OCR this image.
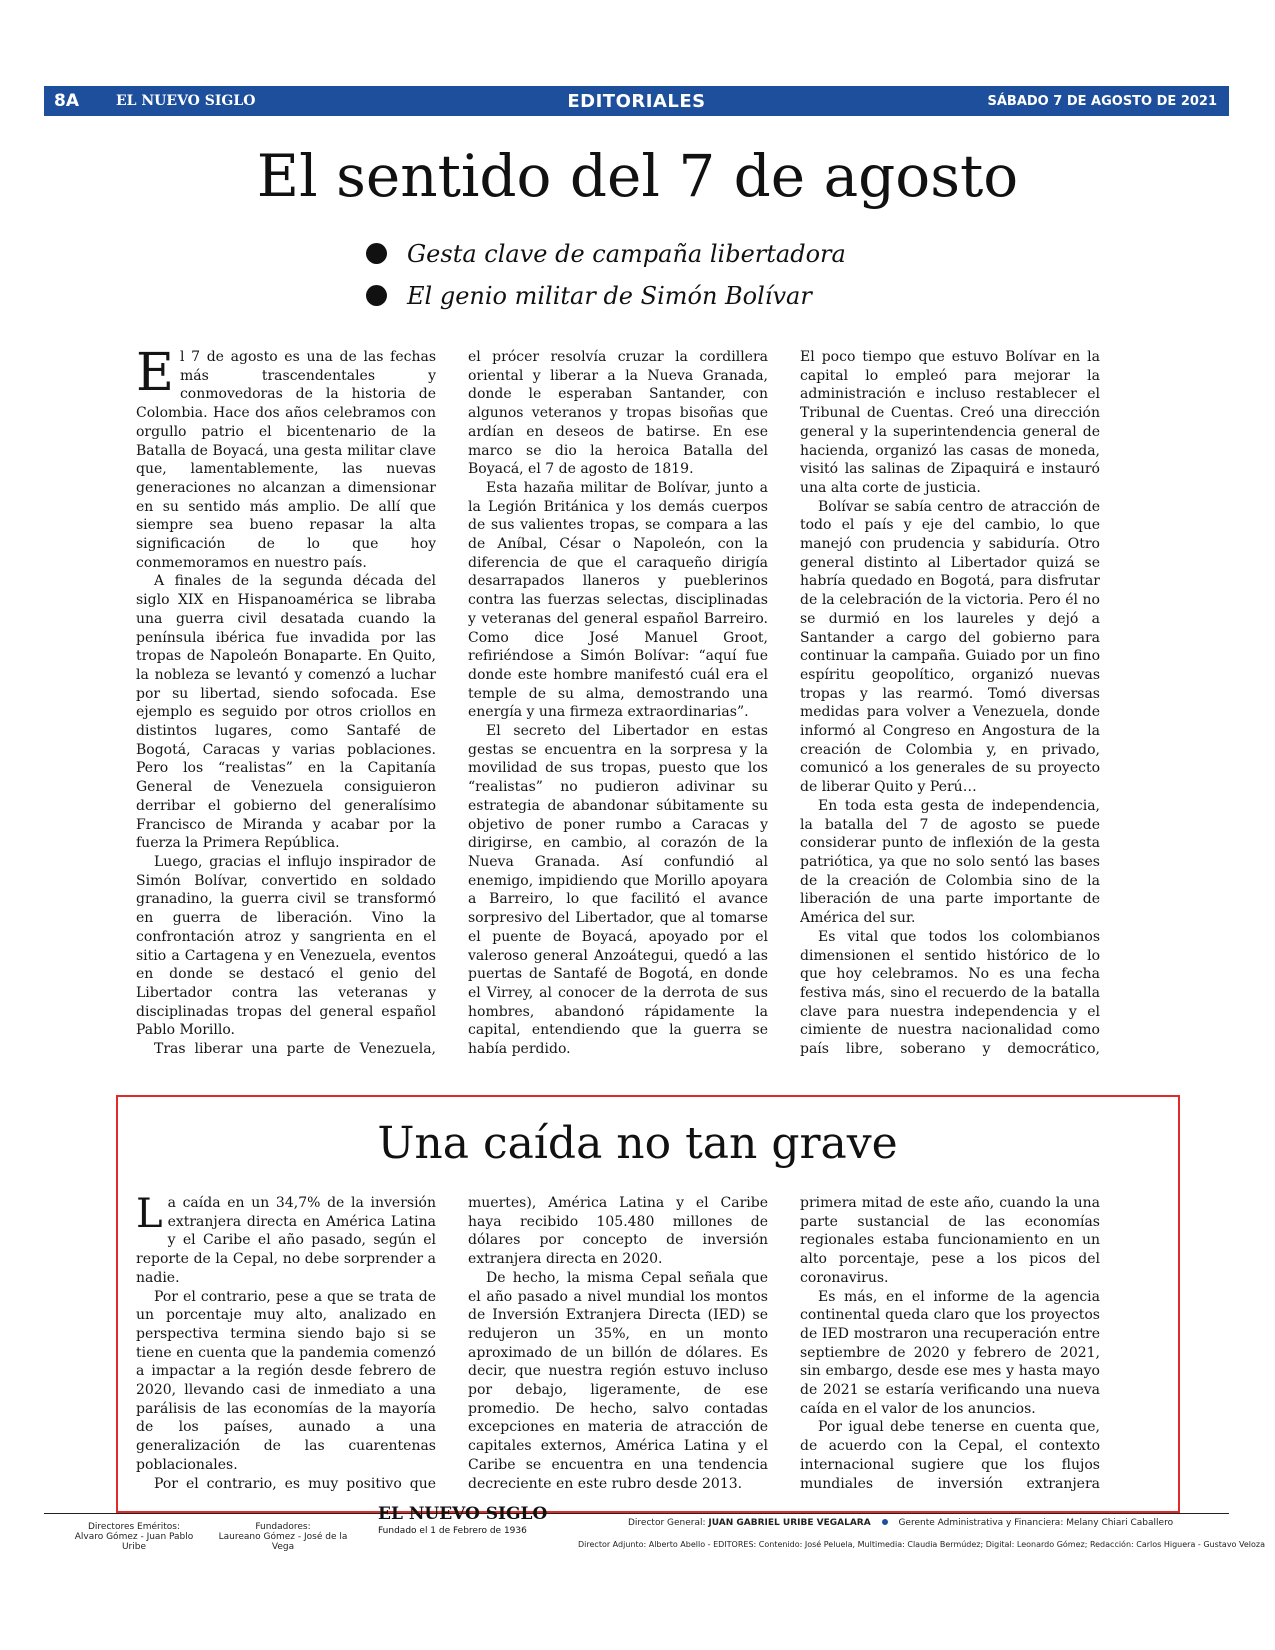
8A	EL NUEVO SIGLO	EDITORIALES	SÁBADO 7 DE AGOSTO DE 2021
El sentido del 7 de agosto
Gesta clave de campaña libertadora
El genio militar de Simón Bolívar

El 7 de agosto es una de las fechas más trascendentales y conmovedoras de la historia de Colombia. Hace dos años celebramos con orgullo patrio el bicentenario de la Batalla de Boyacá, una gesta militar clave que, lamentablemente, las nuevas generaciones no alcanzan a dimensionar en su sentido más amplio. De allí que siempre sea bueno repasar la alta significación de lo que hoy conmemoramos en nuestro país.

A finales de la segunda década del siglo XIX en Hispanoamérica se libraba una guerra civil desatada cuando la península ibérica fue invadida por las tropas de Napoleón Bonaparte. En Quito, la nobleza se levantó y comenzó a luchar por su libertad, siendo sofocada. Ese ejemplo es seguido por otros criollos en distintos lugares, como Santafé de Bogotá, Caracas y varias poblaciones. Pero los “realistas” en la Capitanía General de Venezuela consiguieron derribar el gobierno del generalísimo Francisco de Miranda y acabar por la fuerza la Primera República.

Luego, gracias el influjo inspirador de Simón Bolívar, convertido en soldado granadino, la guerra civil se transformó en guerra de liberación. Vino la confrontación atroz y sangrienta en el sitio a Cartagena y en Venezuela, eventos en donde se destacó el genio del Libertador contra las veteranas y disciplinadas tropas del general español Pablo Morillo.

Tras liberar una parte de Venezuela,

el prócer resolvía cruzar la cordillera oriental y liberar a la Nueva Granada, donde le esperaban Santander, con algunos veteranos y tropas bisoñas que ardían en deseos de batirse. En ese marco se dio la heroica Batalla del Boyacá, el 7 de agosto de 1819.

Esta hazaña militar de Bolívar, junto a la Legión Británica y los demás cuerpos de sus valientes tropas, se compara a las de Aníbal, César o Napoleón, con la diferencia de que el caraqueño dirigía desarrapados llaneros y pueblerinos contra las fuerzas selectas, disciplinadas y veteranas del general español Barreiro. Como dice José Manuel Groot, refiriéndose a Simón Bolívar: “aquí fue donde este hombre manifestó cuál era el temple de su alma, demostrando una energía y una firmeza extraordinarias”.

El secreto del Libertador en estas gestas se encuentra en la sorpresa y la movilidad de sus tropas, puesto que los “realistas” no pudieron adivinar su estrategia de abandonar súbitamente su objetivo de poner rumbo a Caracas y dirigirse, en cambio, al corazón de la Nueva Granada. Así confundió al enemigo, impidiendo que Morillo apoyara a Barreiro, lo que facilitó el avance sorpresivo del Libertador, que al tomarse el puente de Boyacá, apoyado por el valeroso general Anzoátegui, quedó a las puertas de Santafé de Bogotá, en donde el Virrey, al conocer de la derrota de sus hombres, abandonó rápidamente la capital, entendiendo que la guerra se había perdido.

El poco tiempo que estuvo Bolívar en la capital lo empleó para mejorar la administración e incluso restablecer el Tribunal de Cuentas. Creó una dirección general y la superintendencia general de hacienda, organizó las casas de moneda, visitó las salinas de Zipaquirá e instauró una alta corte de justicia.

Bolívar se sabía centro de atracción de todo el país y eje del cambio, lo que manejó con prudencia y sabiduría. Otro general distinto al Libertador quizá se habría quedado en Bogotá, para disfrutar de la celebración de la victoria. Pero él no se durmió en los laureles y dejó a Santander a cargo del gobierno para continuar la campaña. Guiado por un fino espíritu geopolítico, organizó nuevas tropas y las rearmó. Tomó diversas medidas para volver a Venezuela, donde informó al Congreso en Angostura de la creación de Colombia y, en privado, comunicó a los generales de su proyecto de liberar Quito y Perú…

En toda esta gesta de independencia, la batalla del 7 de agosto se puede considerar punto de inflexión de la gesta patriótica, ya que no solo sentó las bases de la creación de Colombia sino de la liberación de una parte importante de América del sur.

Es vital que todos los colombianos dimensionen el sentido histórico de lo que hoy celebramos. No es una fecha festiva más, sino el recuerdo de la batalla clave para nuestra independencia y el cimiente de nuestra nacionalidad como país libre, soberano y democrático,

Una caída no tan grave

La caída en un 34,7% de la inversión extranjera directa en América Latina y el Caribe el año pasado, según el reporte de la Cepal, no debe sorprender a nadie.

Por el contrario, pese a que se trata de un porcentaje muy alto, analizado en perspectiva termina siendo bajo si se tiene en cuenta que la pandemia comenzó a impactar a la región desde febrero de 2020, llevando casi de inmediato a una parálisis de las economías de la mayoría de los países, aunado a una generalización de las cuarentenas poblacionales.

Por el contrario, es muy positivo que

muertes), América Latina y el Caribe haya recibido 105.480 millones de dólares por concepto de inversión extranjera directa en 2020.

De hecho, la misma Cepal señala que el año pasado a nivel mundial los montos de Inversión Extranjera Directa (IED) se redujeron un 35%, en un monto aproximado de un billón de dólares. Es decir, que nuestra región estuvo incluso por debajo, ligeramente, de ese promedio. De hecho, salvo contadas excepciones en materia de atracción de capitales externos, América Latina y el Caribe se encuentra en una tendencia decreciente en este rubro desde 2013.

primera mitad de este año, cuando la una parte sustancial de las economías regionales estaba funcionamiento en un alto porcentaje, pese a los picos del coronavirus.

Es más, en el informe de la agencia continental queda claro que los proyectos de IED mostraron una recuperación entre septiembre de 2020 y febrero de 2021, sin embargo, desde ese mes y hasta mayo de 2021 se estaría verificando una nueva caída en el valor de los anuncios.

Por igual debe tenerse en cuenta que, de acuerdo con la Cepal, el contexto internacional sugiere que los flujos mundiales de inversión extranjera

Directores Eméritos:
Alvaro Gómez - Juan Pablo Uribe
Fundadores:
Laureano Gómez - José de la Vega
EL NUEVO SIGLO
Fundado el 1 de Febrero de 1936
Director General: JUAN GABRIEL URIBE VEGALARA	Gerente Administrativa y Financiera: Melany Chiari Caballero
Director Adjunto: Alberto Abello - EDITORES: Contenido: José Peluela, Multimedia: Claudia Bermúdez; Digital: Leonardo Gómez; Redacción: Carlos Higuera - Gustavo Veloza
